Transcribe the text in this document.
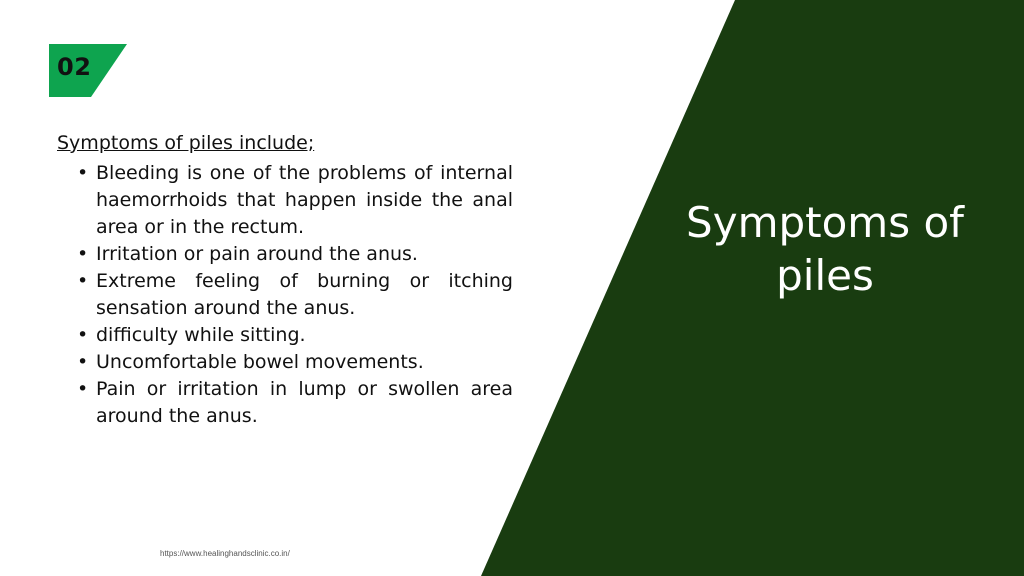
02
Symptoms of piles include;
• Bleeding is one of the problems of internal haemorrhoids that happen inside the anal area or in the rectum.
• Irritation or pain around the anus.
• Extreme feeling of burning or itching sensation around the anus.
• difficulty while sitting.
• Uncomfortable bowel movements.
• Pain or irritation in lump or swollen area around the anus.
Symptoms of
piles
https://www.healinghandsclinic.co.in/
